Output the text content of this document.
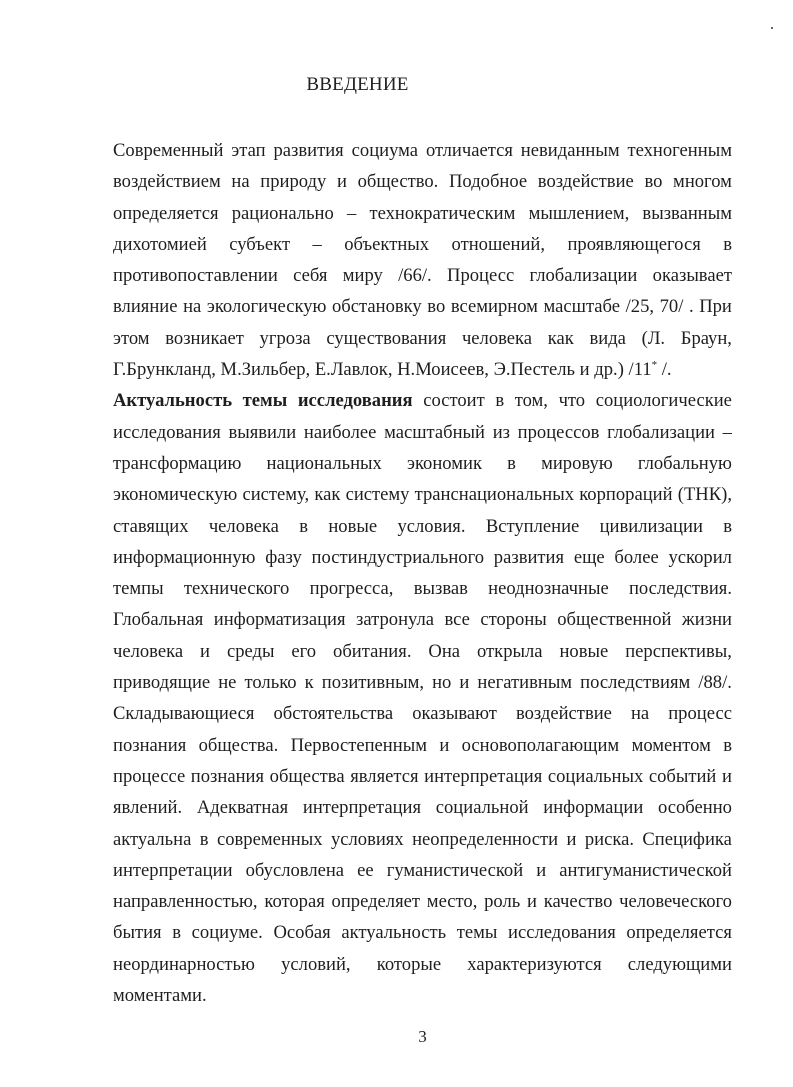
ВВЕДЕНИЕ
Современный этап развития социума отличается невиданным техногенным
воздействием на природу и общество. Подобное воздействие во многом
определяется рационально – технократическим мышлением, вызванным
дихотомией субъект – объектных отношений, проявляющегося в
противопоставлении себя миру /66/. Процесс глобализации оказывает
влияние на экологическую обстановку во всемирном масштабе /25, 70/ . При
этом возникает угроза существования человека как вида (Л. Браун,
Г.Брункланд, М.Зильбер, Е.Лавлок, Н.Моисеев, Э.Пестель и др.) /11* /.
Актуальность темы исследования состоит в том, что социологические
исследования выявили наиболее масштабный из процессов глобализации –
трансформацию национальных экономик в мировую глобальную
экономическую систему, как систему транснациональных корпораций (ТНК),
ставящих человека в новые условия. Вступление цивилизации в
информационную фазу постиндустриального развития еще более ускорил
темпы технического прогресса, вызвав неоднозначные последствия.
Глобальная информатизация затронула все стороны общественной жизни
человека и среды его обитания. Она открыла новые перспективы,
приводящие не только к позитивным, но и негативным последствиям /88/.
Складывающиеся обстоятельства оказывают воздействие на процесс
познания общества. Первостепенным и основополагающим моментом в
процессе познания общества является интерпретация социальных событий и
явлений. Адекватная интерпретация социальной информации особенно
актуальна в современных условиях неопределенности и риска. Специфика
интерпретации обусловлена ее гуманистической и антигуманистической
направленностью, которая определяет место, роль и качество человеческого
бытия в социуме. Особая актуальность темы исследования определяется
неординарностью условий, которые характеризуются следующими
моментами.
3
